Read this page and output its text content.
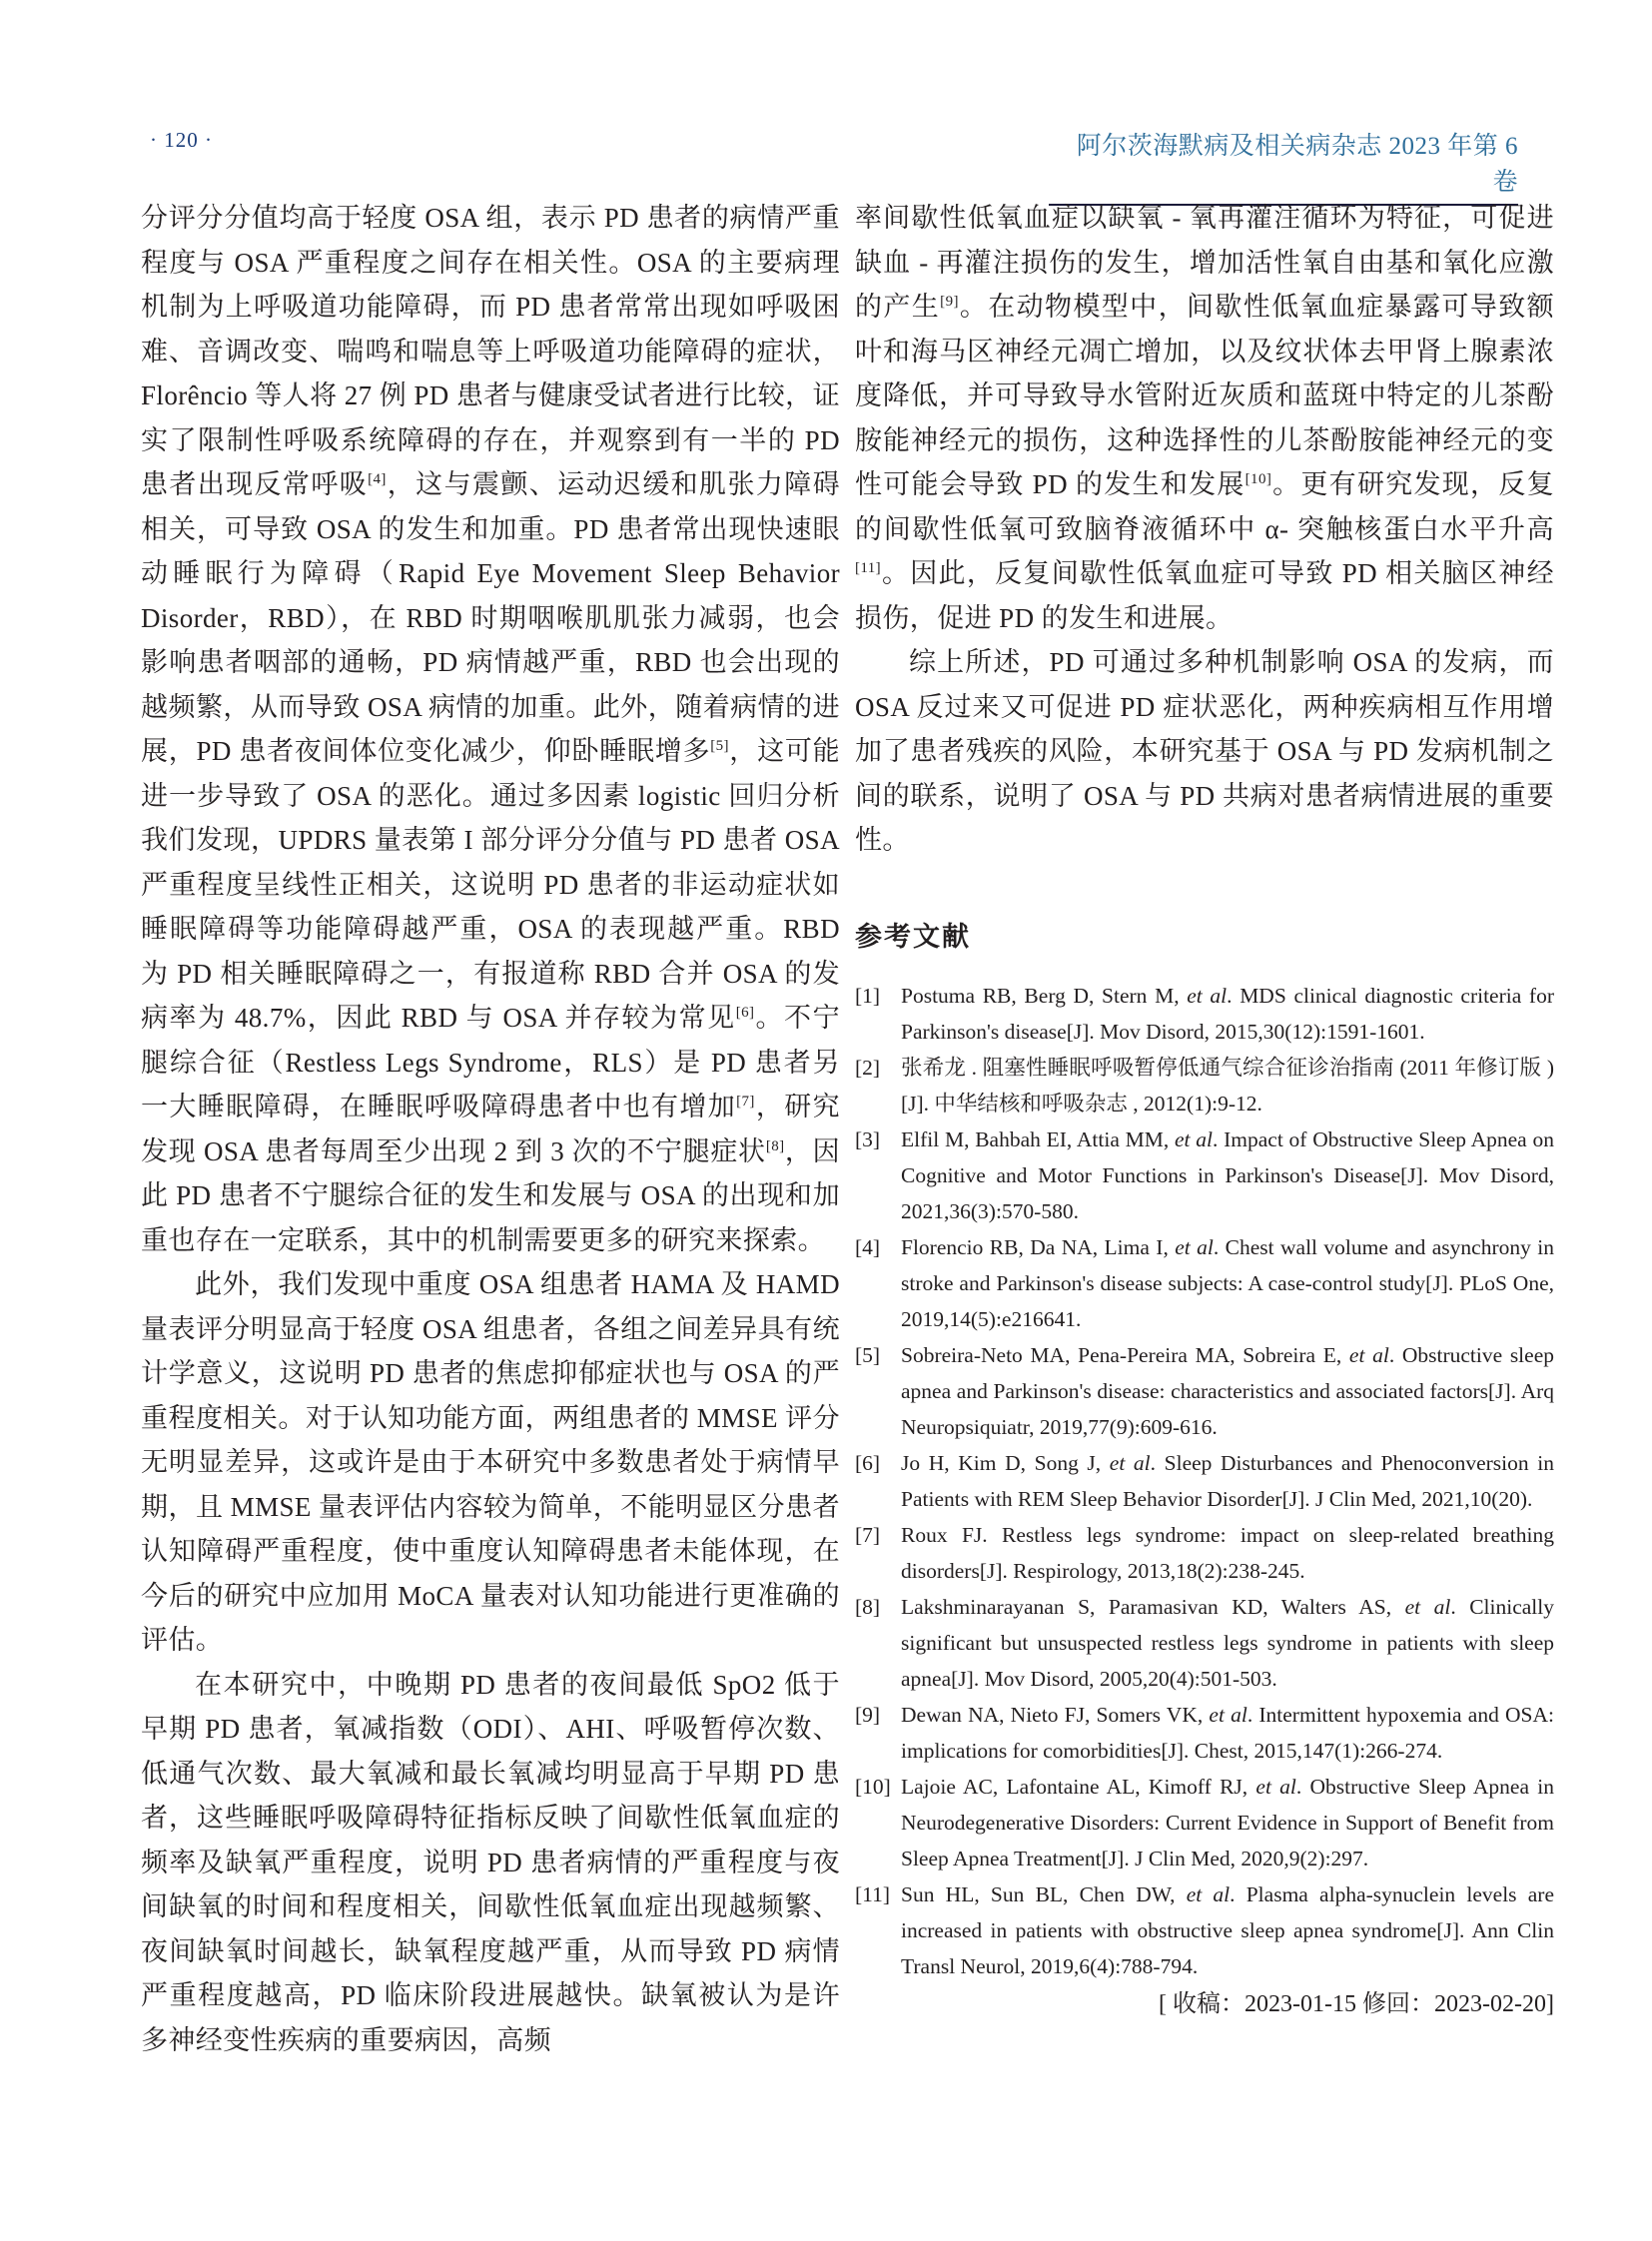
· 120 ·	阿尔茨海默病及相关病杂志 2023 年第 6 卷

分评分分值均高于轻度 OSA 组，表示 PD 患者的病情严重程度与 OSA 严重程度之间存在相关性。OSA 的主要病理机制为上呼吸道功能障碍，而 PD 患者常常出现如呼吸困难、音调改变、喘鸣和喘息等上呼吸道功能障碍的症状，Florêncio 等人将 27 例 PD 患者与健康受试者进行比较，证实了限制性呼吸系统障碍的存在，并观察到有一半的 PD 患者出现反常呼吸[4]，这与震颤、运动迟缓和肌张力障碍相关，可导致 OSA 的发生和加重。PD 患者常出现快速眼动睡眠行为障碍（Rapid Eye Movement Sleep Behavior Disorder，RBD），在 RBD 时期咽喉肌肌张力减弱，也会影响患者咽部的通畅，PD 病情越严重，RBD 也会出现的越频繁，从而导致 OSA 病情的加重。此外，随着病情的进展，PD 患者夜间体位变化减少，仰卧睡眠增多[5]，这可能进一步导致了 OSA 的恶化。通过多因素 logistic 回归分析我们发现，UPDRS 量表第 I 部分评分分值与 PD 患者 OSA 严重程度呈线性正相关，这说明 PD 患者的非运动症状如睡眠障碍等功能障碍越严重，OSA 的表现越严重。RBD 为 PD 相关睡眠障碍之一，有报道称 RBD 合并 OSA 的发病率为 48.7%，因此 RBD 与 OSA 并存较为常见[6]。不宁腿综合征（Restless Legs Syndrome，RLS）是 PD 患者另一大睡眠障碍，在睡眠呼吸障碍患者中也有增加[7]，研究发现 OSA 患者每周至少出现 2 到 3 次的不宁腿症状[8]，因此 PD 患者不宁腿综合征的发生和发展与 OSA 的出现和加重也存在一定联系，其中的机制需要更多的研究来探索。

此外，我们发现中重度 OSA 组患者 HAMA 及 HAMD 量表评分明显高于轻度 OSA 组患者，各组之间差异具有统计学意义，这说明 PD 患者的焦虑抑郁症状也与 OSA 的严重程度相关。对于认知功能方面，两组患者的 MMSE 评分无明显差异，这或许是由于本研究中多数患者处于病情早期，且 MMSE 量表评估内容较为简单，不能明显区分患者认知障碍严重程度，使中重度认知障碍患者未能体现，在今后的研究中应加用 MoCA 量表对认知功能进行更准确的评估。

在本研究中，中晚期 PD 患者的夜间最低 SpO2 低于早期 PD 患者，氧减指数（ODI）、AHI、呼吸暂停次数、低通气次数、最大氧减和最长氧减均明显高于早期 PD 患者，这些睡眠呼吸障碍特征指标反映了间歇性低氧血症的频率及缺氧严重程度，说明 PD 患者病情的严重程度与夜间缺氧的时间和程度相关，间歇性低氧血症出现越频繁、夜间缺氧时间越长，缺氧程度越严重，从而导致 PD 病情严重程度越高，PD 临床阶段进展越快。缺氧被认为是许多神经变性疾病的重要病因，高频

率间歇性低氧血症以缺氧 - 氧再灌注循环为特征，可促进缺血 - 再灌注损伤的发生，增加活性氧自由基和氧化应激的产生[9]。在动物模型中，间歇性低氧血症暴露可导致额叶和海马区神经元凋亡增加，以及纹状体去甲肾上腺素浓度降低，并可导致导水管附近灰质和蓝斑中特定的儿茶酚胺能神经元的损伤，这种选择性的儿茶酚胺能神经元的变性可能会导致 PD 的发生和发展[10]。更有研究发现，反复的间歇性低氧可致脑脊液循环中 α- 突触核蛋白水平升高[11]。因此，反复间歇性低氧血症可导致 PD 相关脑区神经损伤，促进 PD 的发生和进展。

综上所述，PD 可通过多种机制影响 OSA 的发病，而 OSA 反过来又可促进 PD 症状恶化，两种疾病相互作用增加了患者残疾的风险，本研究基于 OSA 与 PD 发病机制之间的联系，说明了 OSA 与 PD 共病对患者病情进展的重要性。

参考文献
[1] Postuma RB, Berg D, Stern M, et al. MDS clinical diagnostic criteria for Parkinson's disease[J]. Mov Disord, 2015,30(12):1591-1601.
[2] 张希龙 . 阻塞性睡眠呼吸暂停低通气综合征诊治指南 (2011 年修订版 )[J]. 中华结核和呼吸杂志 , 2012(1):9-12.
[3] Elfil M, Bahbah EI, Attia MM, et al. Impact of Obstructive Sleep Apnea on Cognitive and Motor Functions in Parkinson's Disease[J]. Mov Disord, 2021,36(3):570-580.
[4] Florencio RB, Da NA, Lima I, et al. Chest wall volume and asynchrony in stroke and Parkinson's disease subjects: A case-control study[J]. PLoS One, 2019,14(5):e216641.
[5] Sobreira-Neto MA, Pena-Pereira MA, Sobreira E, et al. Obstructive sleep apnea and Parkinson's disease: characteristics and associated factors[J]. Arq Neuropsiquiatr, 2019,77(9):609-616.
[6] Jo H, Kim D, Song J, et al. Sleep Disturbances and Phenoconversion in Patients with REM Sleep Behavior Disorder[J]. J Clin Med, 2021,10(20).
[7] Roux FJ. Restless legs syndrome: impact on sleep-related breathing disorders[J]. Respirology, 2013,18(2):238-245.
[8] Lakshminarayanan S, Paramasivan KD, Walters AS, et al. Clinically significant but unsuspected restless legs syndrome in patients with sleep apnea[J]. Mov Disord, 2005,20(4):501-503.
[9] Dewan NA, Nieto FJ, Somers VK, et al. Intermittent hypoxemia and OSA: implications for comorbidities[J]. Chest, 2015,147(1):266-274.
[10] Lajoie AC, Lafontaine AL, Kimoff RJ, et al. Obstructive Sleep Apnea in Neurodegenerative Disorders: Current Evidence in Support of Benefit from Sleep Apnea Treatment[J]. J Clin Med, 2020,9(2):297.
[11] Sun HL, Sun BL, Chen DW, et al. Plasma alpha-synuclein levels are increased in patients with obstructive sleep apnea syndrome[J]. Ann Clin Transl Neurol, 2019,6(4):788-794.
[ 收稿：2023-01-15 修回：2023-02-20]
